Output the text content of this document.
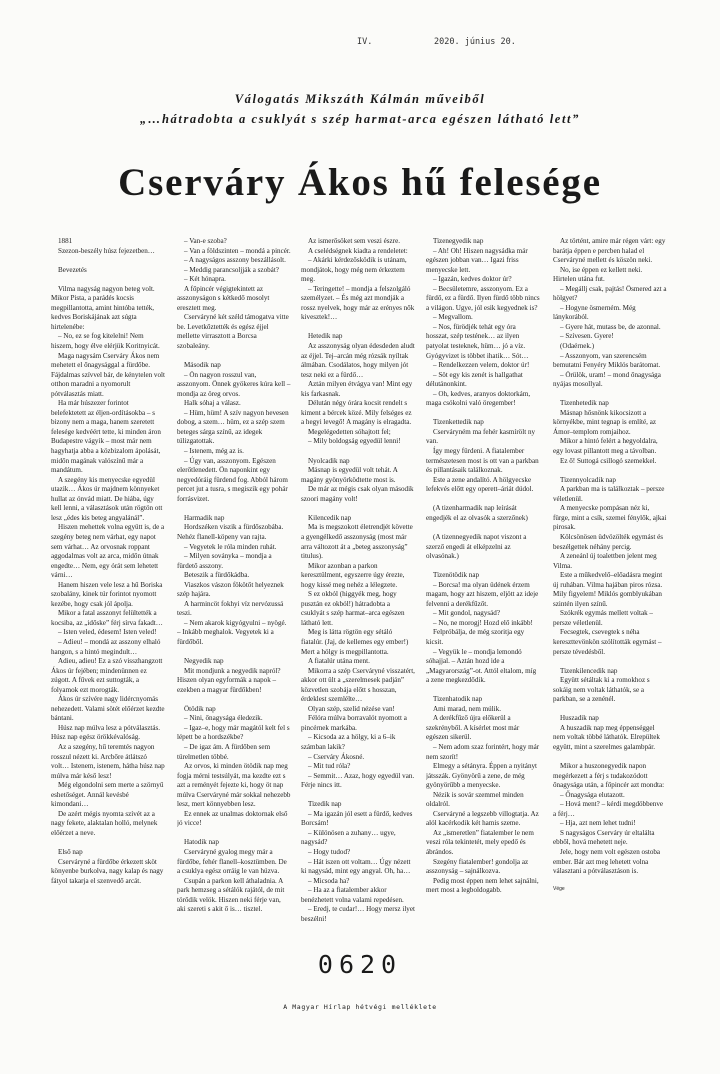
IV.	2020. június 20.
Válogatás Mikszáth Kálmán műveiből
„…hátradobta a csuklyát s szép harmat-arca egészen látható lett”
Cserváry Ákos hű felesége

1881

Szezon-beszély húsz fejezetben…

Bevezetés

Vilma nagyság nagyon beteg volt. Mikor Pista, a parádés kocsis megpillantotta, amint hintóba tették, kedves Boriskájának azt súgta hirtelenébe:

– No, ez se fog kitelelni! Nem hiszem, hogy élve elérjük Koritnyicát.

Maga nagysám Cserváry Ákos nem mehetett el őnagysággal a fürdőbe. Fájdalmas szívvel bár, de kénytelen volt otthon maradni a nyomorult pótválasztás miatt.

Ha már húszezer forintot belefektetett az éljen-ordításokba – s bizony nem a maga, hanem szeretett felesége kedvéért tette, ki minden áron Budapestre vágyik – most már nem hagyhatja abba a közbizalom ápolását, midőn magának valószínű már a mandátum.

A szegény kis menyecske egyedül utazik… Ákos úr majdnem könnyeket hullat az ónvád miatt. De hiába, úgy kell lenni, a választások után rögtön ott lesz „édes kis beteg angyalánál”.

Hiszen mehettek volna együtt is, de a szegény beteg nem várhat, egy napot sem várhat… Az orvosnak roppant aggodalmas volt az arca, midőn útnak engedte… Nem, egy órát sem lehetett várni…

Hanem hiszen vele lesz a hű Boriska szobalány, kinek túr forintot nyomott kezébe, hogy csak jól ápolja.

Mikor a fatal asszonyt felültették a kocsiba, az „időske” férj sírva fakadt…

– Isten veled, édesem! Isten veled!

– Adieu! – mondá az asszony elhaló hangon, s a hintó megindult…

Adieu, adieu! Ez a szó visszhangzott Ákos úr fejében; mindenünnen ez zúgott. A fűvek ezt suttogták, a folyamok ezt morogták.

Ákos úr szívére nagy lidércnyomás nehezedett. Valami sötét előérzet kezdte bántani.

Húsz nap múlva lesz a pótválasztás. Húsz nap egész örökkévalóság.

Az a szegény, hű teremtés nagyon rosszul nézett ki. Arcbőre átlátszó volt… Istenem, istenem, hátha húsz nap múlva már késő lesz!

Még elgondolni sem merte a szörnyű eshetőséget. Annál kevésbé kimondani…

De azért mégis nyomta szívét az a nagy fekete, alaktalan holló, melynek előérzet a neve.

Első nap

Cserváryné a fürdőbe érkezett sköt könyenbe burkolva, nagy kalap és nagy fátyol takarja el szenvedő arcát.

– Van-e szoba?

– Van a földszinten – mondá a pincér.

– A nagyságos asszony beszállásolt.

– Meddig parancsoljják a szobát?

– Két hónapra.

A főpincér végigtekintett az asszonyságon s kétkedő mosolyt eresztett meg.

Cserváryné két széld támogatva vitte be. Levetkőztették és egész éjjel mellette virrasztott a Borcsa szobaleány.

Második nap

– Ön nagyon rosszul van, asszonyom. Önnek gyökeres kúra kell – mondja az öreg orvos.

Halk sóhaj a válasz.

– Hüm, hüm! A szív nagyon hevesen dobog, a szem… hüm, ez a szép szem beteges sárga színű, az idegek túlizgatottak.

– Istenem, még az is.

– Úgy van, asszonyom. Egészen elerőtlenedett. Ön naponkint egy negyedóráig fürdend fog. Abból három percet jut a tusra, s megiszik egy pohár forrásvizet.

Harmadik nap

Hordszéken viszik a fürdőszobába. Nehéz flanell-köpeny van rajta.

– Vegyetek le róla minden ruhát.

– Milyen soványka – mondja a fürdető asszony.

Beteszik a fürdőkádba.

Viaszkos vászon fökötőt helyeznek szép hajára.

A harmincöt fokhyi víz nervózussá teszi.

– Nem akarok kigyógyulni – nyögé. – Inkább meghalok. Vegyetek ki a fürdőből.

Negyedik nap

Mit mondjunk a negyedik napról? Hiszen olyan egyformák a napok – ezekben a magyar fürdőkben!

Ötödik nap

– Nini, őnagysága éledezik.

– Igaz–e, hogy már magától kelt fel s lépett be a hordszékbe?

– De igaz ám. A fürdőben sem türelmetlen többé.

Az orvos, ki minden ötödik nap meg fogja mérni testsúlyát, ma kezdte ezt s azt a reményét fejezte ki, hogy öt nap múlva Cserváryné már sokkal nehezebb lesz, mert könnyebben lesz.

Ez ennek az unalmas doktornak első jó vicce!

Hatodik nap

Cserváryné gyalog megy már a fürdőbe, fehér flanell–kosztümben. De a csuklya egész orráig le van húzva.

Csupán a parkon kell áthaladnia. A park hemzseg a sétálók rajától, de mit törődik velök. Hiszen neki férje van, aki szereti s akit ő is… tisztel.

Az ismerősöket sem veszi észre.

A cselédségnek kiadta a rendeletet:

– Akárki kérdezősködik is utánam, mondjátok, hogy még nem érkeztem meg.

– Teringette! – mondja a felszolgáló személyzet. – És még azt mondják a rossz nyelvek, hogy már az erényes nők kivesztek!…

Hetedik nap

Az asszonyság olyan édesdeden aludt az éjjel. Tej–arcán még rózsák nyíltak álmában. Csodálatos, hogy milyen jót tesz neki ez a fürdő…

Aztán milyen étvágya van! Mint egy kis farkasnak.

Délután négy órára kocsit rendelt s kiment a bércek közé. Mily felséges ez a hegyi levegő! A magány is elragadta.

Megelégedetten sóhajtott fel;

– Mily boldogság egyedül lenni!

Nyolcadik nap

Másnap is egyedül volt tehát. A magány gyönyörködtette most is.

De már az mégis csak olyan második szoori magány volt!

Kilencedik nap

Ma is megszokott életrendjét követte a gyengélkedő asszonyság (most már arra változott át a „beteg asszonyság” titulus).

Mikor azonban a parkon keresztülment, egyszerre úgy érezte, hogy kissé meg nehéz a lélegzete.

S ez okból (higgyék meg, hogy pusztán ez okból!) hátradobta a csuklyát s szép harmat–arca egészen látható lett.

Meg is látta rögtön egy sétáló fiatalúr. (Jaj, de kellemes egy ember!) Mert a hölgy is megpillantotta.

A fiatalúr utána ment.

Mikorra a szép Cserváryné visszatért, akkor ott ült a „szerelmesek padján” közvetlen szobája előtt s hosszan, érdeklest szemlélte…

Olyan szép, szelíd nézése van!

Félóra múlva borravalót nyomott a pincérnek markába.

– Kicsoda az a hölgy, ki a 6–ik számban lakik?

– Cserváry Ákosné.

– Mit tud róla?

– Semmit… Azaz, hogy egyedül van. Férje nincs itt.

Tizedik nap

– Ma igazán jól esett a fürdő, kedves Borcsám!

– Különösen a zuhany… ugye, nagysád?

– Hogy tudod?

– Hát iszen ott voltam… Úgy nézett ki nagysád, mint egy angyal. Oh, ha…

– Micsoda ha?

– Ha az a fiatalember akkor benézhetett volna valami repedésen.

– Eredj, te cudar!… Hogy mersz ilyet beszélni!

Tizenegyedik nap

– Ah! Oh! Hiszen nagysádka már egészen jobban van… Igazi friss menyecske lett.

– Igazán, kedves doktor úr?

– Becsületemre, asszonyom. Ez a fürdő, ez a fürdő. Ilyen fürdő több nincs a világon. Ugye, jól esik kegyednek is?

– Megvallom.

– Nos, fürödjék tehát egy óra hosszat, szép testének… az ilyen patyolat testeknek, hüm… jó a víz. Gyógyvizet is többet ihatik… Sót…

– Rendelkezzen velem, doktor úr!

– Söt egy kis zenét is hallgathat délutánonkint.

– Oh, kedves, aranyos doktorkám, maga csókolni való öregember!

Tizenkettedik nap

Cserváryném ma fehér kasmírölt ny van.

Így megy fürdeni. A fiatalember természetesen most is ott van a parkban és pillantásaik találkoznak.

Este a zene andalító. A hölgyecske lefekvés előtt egy operett–áriát dúdol.

(A tizenharmadik nap leírását engedjék el az olvasók a szerzőnek)

(A tizennegyedik napot viszont a szerző engedi át elképzelni az olvasónak.)

Tizenötödik nap

– Borcsa! ma olyan üdének érzem magam, hogy azt hiszem, eljött az ideje felvenni a derékfűzőt.

– Mit gondol, nagysád?

– No, ne morogj! Hozd elő inkább!

Felpróbálja, de még szoritja egy kicsit.

– Vegyük le – mondja lemondó sóhajjal. – Aztán hozd ide a „Magyarország”-ot. Attól eltalom, míg a zene megkezdődik.

Tizenhatodik nap

Ami marad, nem múlik.

A derékfűző újra előkerül a szekrényből. A kísérlet most már egészen sikerül.

– Nem adom szaz forintért, hogy már nem szorít!

Elmegy a sétányra. Éppen a nyitányt játsszák. Gyönyörű a zene, de még gyönyörűbb a menyecske.

Nézik is sovár szemmel minden oldalról.

Cserváryné a legszebb villogtatja. Az alól kacérkodik két hamis szeme.

Az „ismeretlen” fiatalember le nem veszi róla tekintetét, mely epedő és ábrándos.

Szegény fiatalember! gondolja az asszonyság – sajnálkozva.

Pedig most éppen nem lehet sajnálni, mert most a legboldogabb.

Az történt, amire már régen várt: egy barátja éppen e percben halad el Cserváryné mellett és köszön neki.

No, ise éppen ez kellett neki. Hirtelen utána fut.

– Megállj csak, pajtás! Ösmered azt a hölgyet?

– Hogyne ösmerném. Még lánykorából.

– Gyere hát, mutass be, de azonnal.

– Szívesen. Gyere!

(Odaérnek.)

– Asszonyom, van szerencsém bemutatni Fenyéry Miklós barátomat.

– Örülök, uram! – mond őnagysága nyájas mosollyal.

Tizenhetedik nap

Másnap hősnönk kikocsizott a környékbe, mint tegnap is említé, az Ámor–templom romjaihoz.

Mikor a hintó felért a hegyoldalra, egy lovast pillantott meg a távolban.

Ez ő! Suttogá csillogó szemekkel.

Tizennyolcadik nap

A parkban ma is találkoztak – persze véletlenül.

A menyecske pompásan néz ki, fürge, mint a csík, szemei fénylők, ajkai pirosak.

Kölcsönösen üdvözölték egymást és beszélgettek néhány percig.

A zeneánl új toalettben jelent meg Vilma.

Este a műkedvelő–előadásra megint új ruhában. Vilma hajában piros rózsa. Mily figyelem! Miklós gomblyukában szintén ilyen színű.

Szókrék egymás mellett voltak – persze véletlenül.

Fecsegtek, csevegtek s néha kereszttevönkön szólították egymást – persze tévedésből.

Tizenkilencedik nap

Együtt sétáltak ki a romokhoz s sokáig nem voltak láthatók, se a parkban, se a zenénél.

Huszadik nap

A huszadik nap meg éppenséggel nem voltak többé láthatók. Elrepültek együtt, mint a szerelmes galambpár.

Mikor a huszonegyedik napon megérkezett a férj s tudakozódott őnagysága után, a főpincér azt mondta:

– Őnagysága elutazott.

– Hová ment? – kérdi megdöbbenve a férj…

– Hja, azt nem lehet tudni!

S nagyságos Cserváry úr eltalálta ebből, hová mehetett neje.

Jele, hogy nem volt egészen ostoba ember. Bár azt meg lehetett volna választani a pótválasztáson is.

Vége

0620
A Magyar Hírlap hétvégi melléklete
